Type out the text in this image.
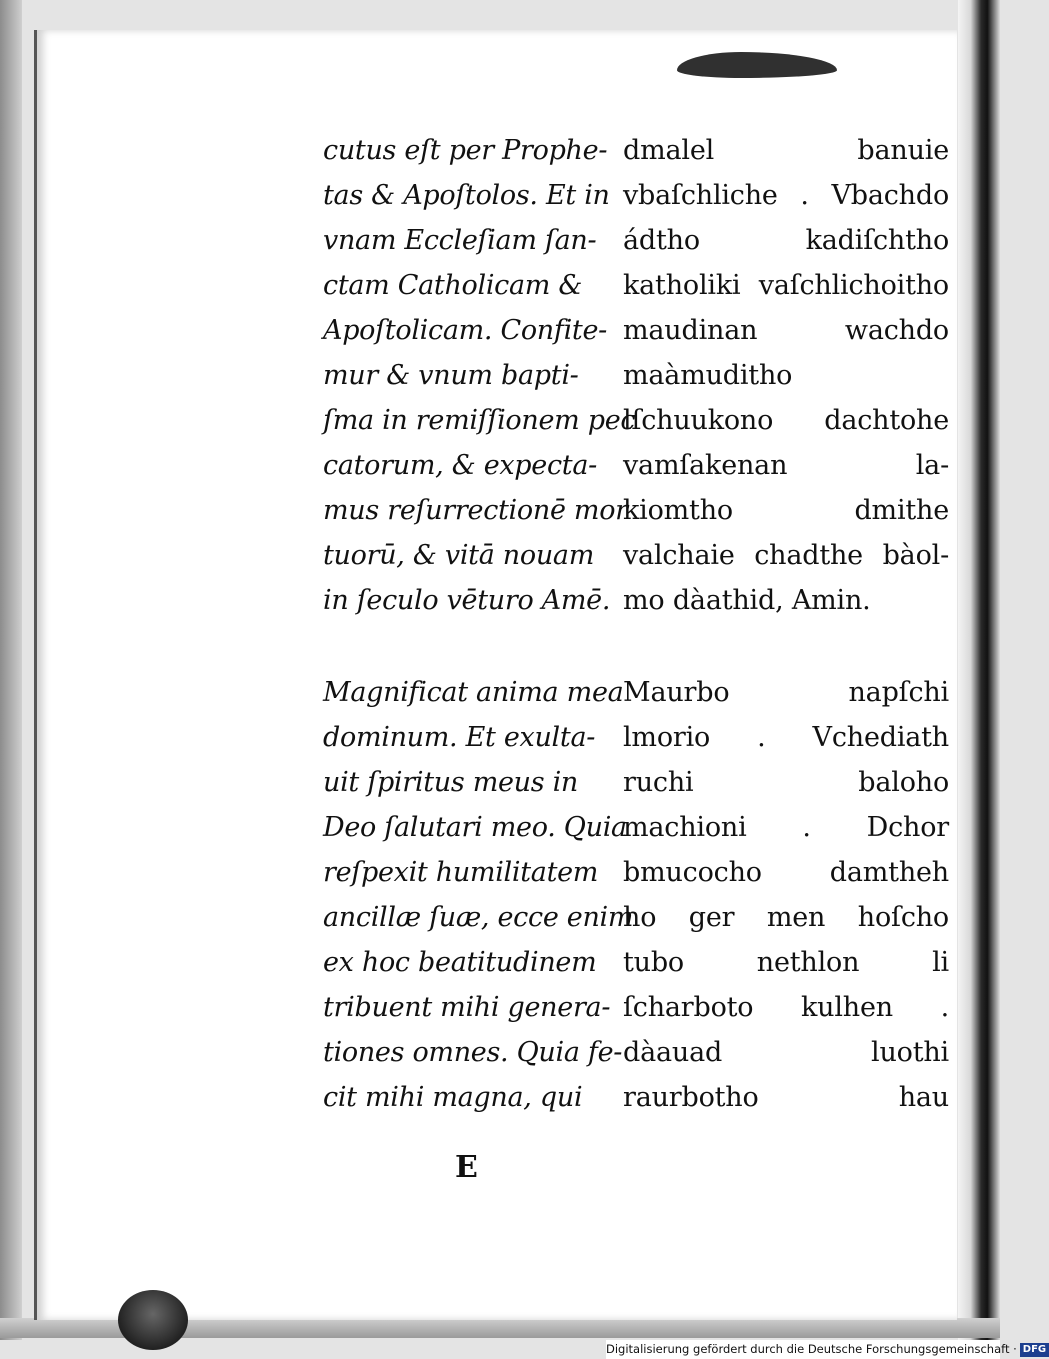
cutus eſt per Prophe-
tas & Apoſtolos. Et in
vnam Eccleſiam ſan-
ctam Catholicam &
Apoſtolicam. Confite-
mur & vnum bapti-
ſma in remiſſionem pec
catorum, & expecta-
mus reſurrectionē mor
tuorū, & vitā nouam
in ſeculo vēturo Amē.
dmalel banuie
vbaſchliche . Vbachdo
ádtho kadiſchtho
katholiki vaſchlichoitho
maudinan wachdo
maàmuditho
lſchuukono dachtohe
vamſakenan la-
kiomtho dmithe
valchaie chadthe bàol-
mo dàathid, Amin.
Magnificat anima mea
dominum. Et exulta-
uit ſpiritus meus in
Deo ſalutari meo. Quia
reſpexit humilitatem
ancillæ ſuæ, ecce enim
ex hoc beatitudinem
tribuent mihi genera-
tiones omnes. Quia fe-
cit mihi magna, qui
Maurbo napſchi
lmorio . Vchediath
ruchi baloho
machioni . Dchor
bmucocho damtheh
ho ger men hoſcho
tubo nethlon li
ſcharboto kulhen .
dàauad luothi
raurbotho hau
E
Digitalisierung gefördert durch die Deutsche Forschungsgemeinschaft · DFG
